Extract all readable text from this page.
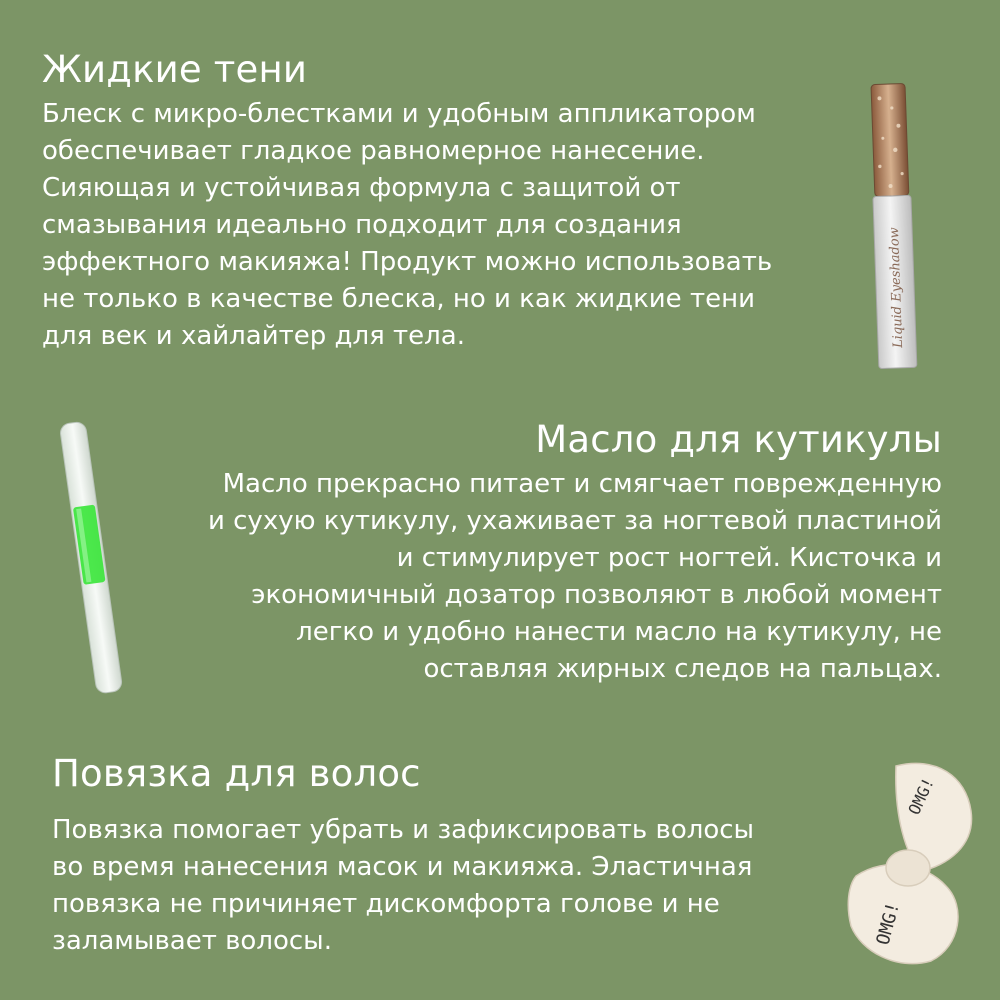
Жидкие тени

Блеск с микро-блестками и удобным аппликатором
обеспечивает гладкое равномерное нанесение.
Сияющая и устойчивая формула с защитой от
смазывания идеально подходит для создания
эффектного макияжа! Продукт можно использовать
не только в качестве блеска, но и как жидкие тени
для век и хайлайтер для тела.	Liquid Eyeshadow
Масло для кутикулы

Масло прекрасно питает и смягчает поврежденную
и сухую кутикулу, ухаживает за ногтевой пластиной
и стимулирует рост ногтей. Кисточка и
экономичный дозатор позволяют в любой момент
легко и удобно нанести масло на кутикулу, не
оставляя жирных следов на пальцах.

Повязка для волос

Повязка помогает убрать и зафиксировать волосы
во время нанесения масок и макияжа. Эластичная
повязка не причиняет дискомфорта голове и не
заламывает волосы.

OMG!
OMG!
